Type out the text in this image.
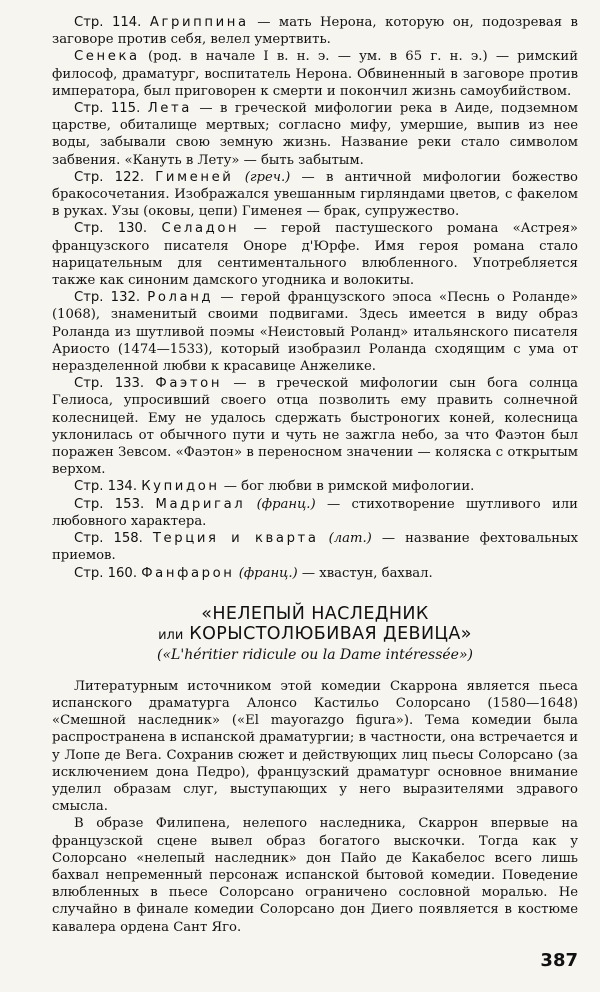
Стр. 114. Агриппина — мать Нерона, которую он, подозревая в заговоре против себя, велел умертвить.

Сенека (род. в начале I в. н. э. — ум. в 65 г. н. э.) — римский философ, драматург, воспитатель Нерона. Обвиненный в заговоре против императора, был приговорен к смерти и покончил жизнь самоубийством.

Стр. 115. Лета — в греческой мифологии река в Аиде, подземном царстве, обиталище мертвых; согласно мифу, умершие, выпив из нее воды, забывали свою земную жизнь. Название реки стало символом забвения. «Кануть в Лету» — быть забытым.

Стр. 122. Гименей (греч.) — в античной мифологии божество бракосочетания. Изображался увешанным гирляндами цветов, с факелом в руках. Узы (оковы, цепи) Гименея — брак, супружество.

Стр. 130. Селадон — герой пастушеского романа «Астрея» французского писателя Оноре д'Юрфе. Имя героя романа стало нарицательным для сентиментального влюбленного. Употребляется также как синоним дамского угодника и волокиты.

Стр. 132. Роланд — герой французского эпоса «Песнь о Роланде» (1068), знаменитый своими подвигами. Здесь имеется в виду образ Роланда из шутливой поэмы «Неистовый Роланд» итальянского писателя Ариосто (1474—1533), который изобразил Роланда сходящим с ума от неразделенной любви к красавице Анжелике.

Стр. 133. Фаэтон — в греческой мифологии сын бога солнца Гелиоса, упросивший своего отца позволить ему править солнечной колесницей. Ему не удалось сдержать быстроногих коней, колесница уклонилась от обычного пути и чуть не зажгла небо, за что Фаэтон был поражен Зевсом. «Фаэтон» в переносном значении — коляска с открытым верхом.

Стр. 134. Купидон — бог любви в римской мифологии.

Стр. 153. Мадригал (франц.) — стихотворение шутливого или любовного характера.

Стр. 158. Терция и кварта (лат.) — название фехтовальных приемов.

Стр. 160. Фанфарон (франц.) — хвастун, бахвал.

«НЕЛЕПЫЙ НАСЛЕДНИК
или КОРЫСТОЛЮБИВАЯ ДЕВИЦА»
(«L'héritier ridicule ou la Dame intéressée»)

Литературным источником этой комедии Скаррона является пьеса испанского драматурга Алонсо Кастильо Солорсано (1580—1648) «Смешной наследник» («El mayorazgo figura»). Тема комедии была распространена в испанской драматургии; в частности, она встречается и у Лопе де Вега. Сохранив сюжет и действующих лиц пьесы Солорсано (за исключением дона Педро), французский драматург основное внимание уделил образам слуг, выступающих у него выразителями здравого смысла.

В образе Филипена, нелепого наследника, Скаррон впервые на французской сцене вывел образ богатого выскочки. Тогда как у Солорсано «нелепый наследник» дон Пайо де Какабелос всего лишь бахвал непременный персонаж испанской бытовой комедии. Поведение влюбленных в пьесе Солорсано ограничено сословной моралью. Не случайно в финале комедии Солорсано дон Диего появляется в костюме кавалера ордена Сант Яго.

387
